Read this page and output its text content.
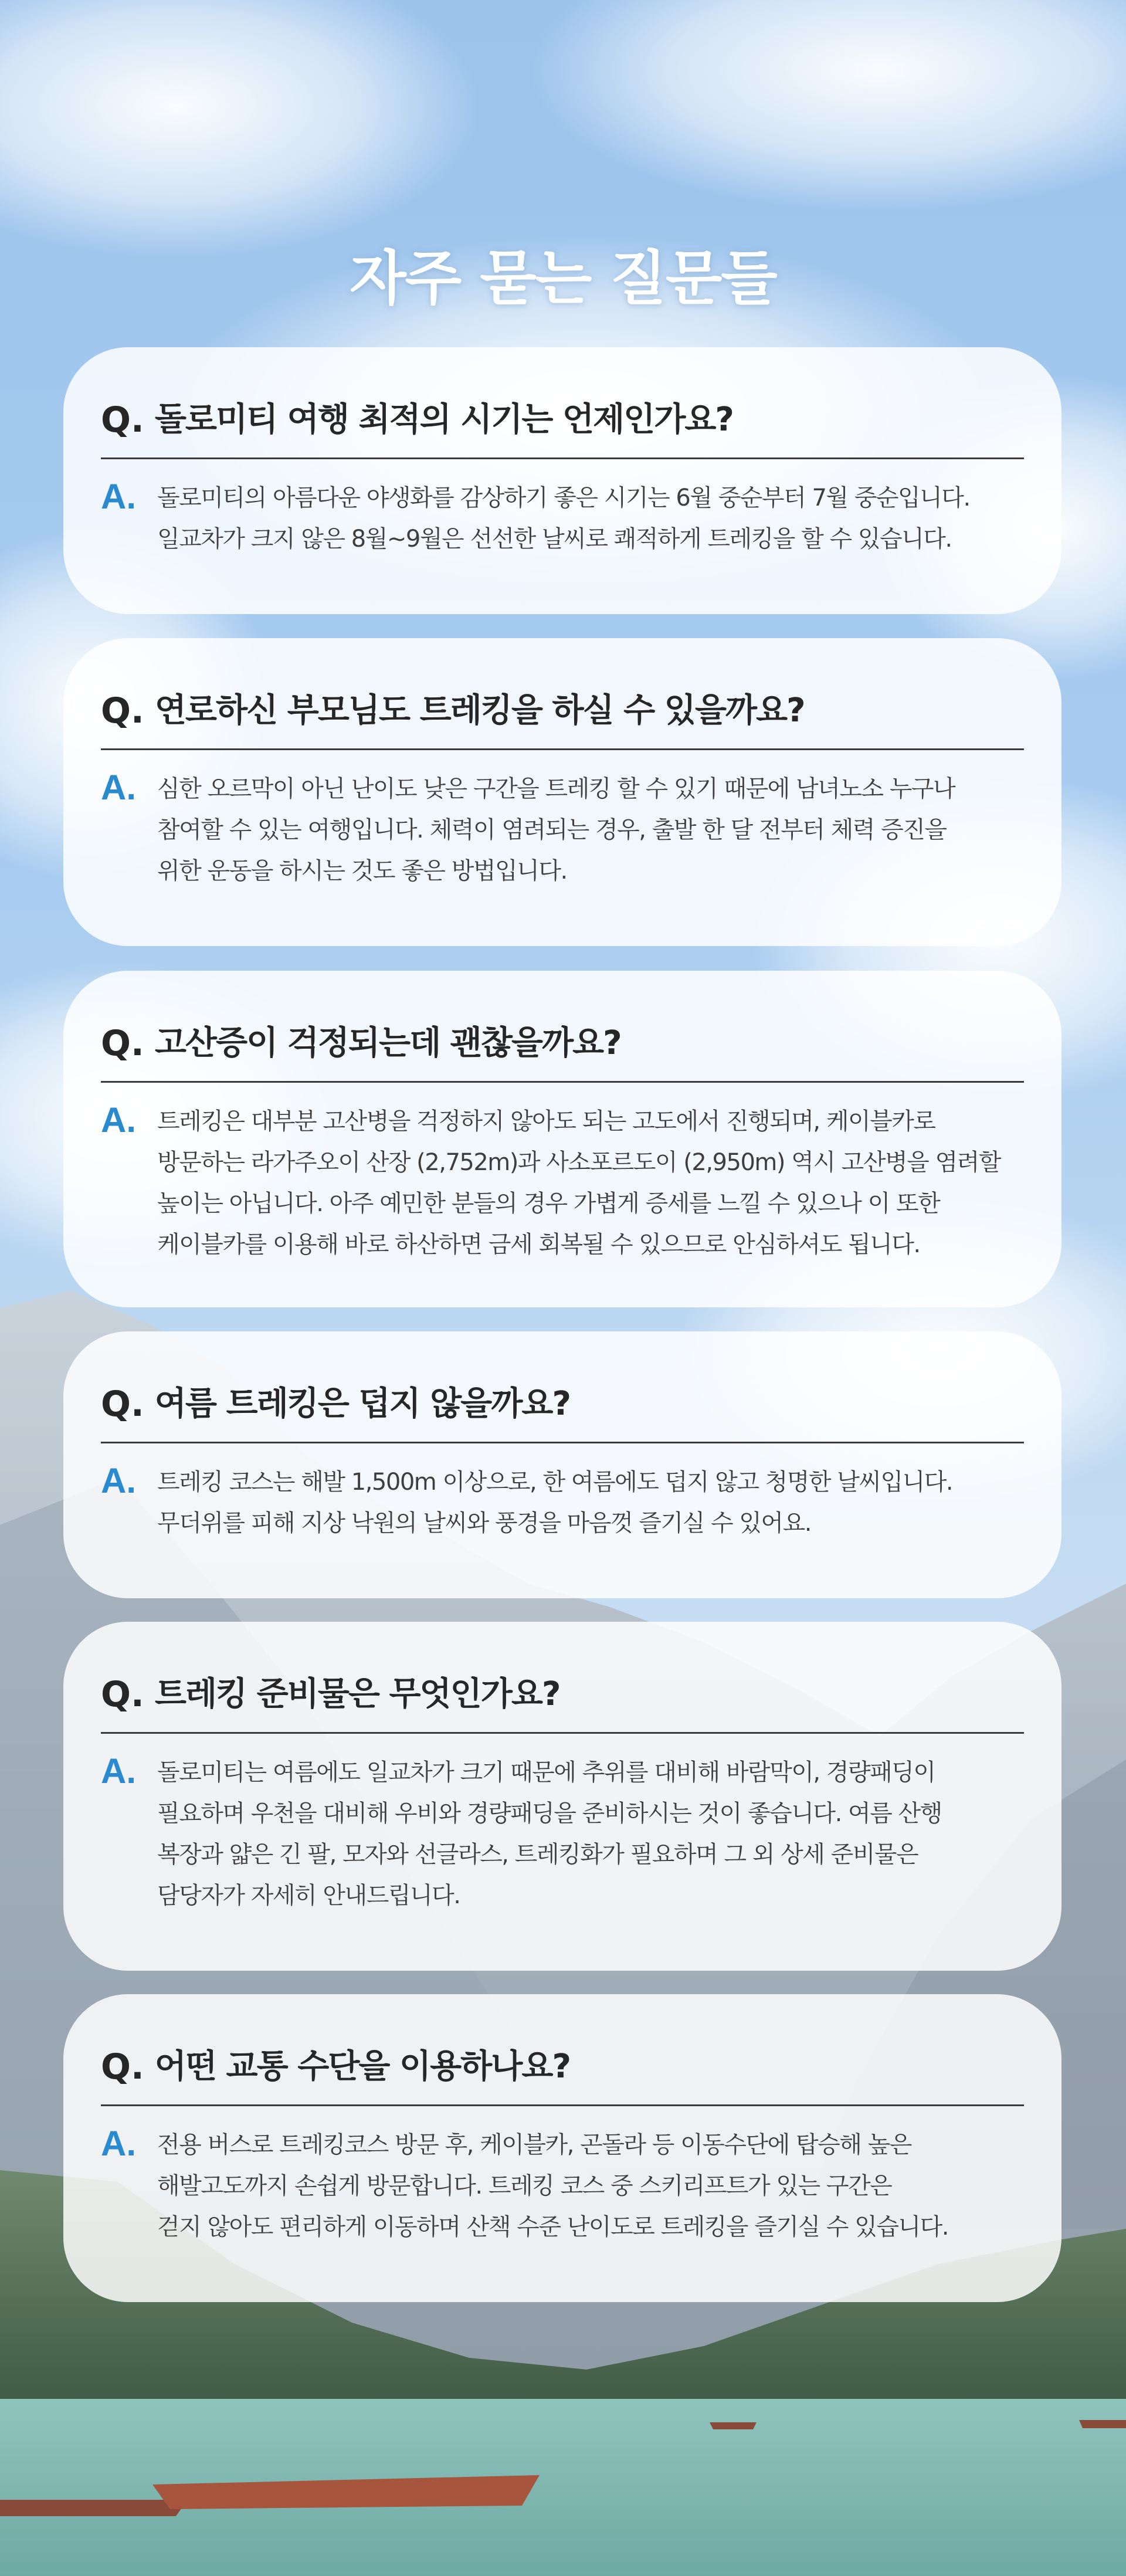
자주 묻는 질문들
Q. 돌로미티 여행 최적의 시기는 언제인가요?
A. 돌로미티의 아름다운 야생화를 감상하기 좋은 시기는 6월 중순부터 7월 중순입니다.
일교차가 크지 않은 8월~9월은 선선한 날씨로 쾌적하게 트레킹을 할 수 있습니다.
Q. 연로하신 부모님도 트레킹을 하실 수 있을까요?
A. 심한 오르막이 아닌 난이도 낮은 구간을 트레킹 할 수 있기 때문에 남녀노소 누구나
참여할 수 있는 여행입니다. 체력이 염려되는 경우, 출발 한 달 전부터 체력 증진을
위한 운동을 하시는 것도 좋은 방법입니다.
Q. 고산증이 걱정되는데 괜찮을까요?
A. 트레킹은 대부분 고산병을 걱정하지 않아도 되는 고도에서 진행되며, 케이블카로
방문하는 라가주오이 산장 (2,752m)과 사소포르도이 (2,950m) 역시 고산병을 염려할
높이는 아닙니다. 아주 예민한 분들의 경우 가볍게 증세를 느낄 수 있으나 이 또한
케이블카를 이용해 바로 하산하면 금세 회복될 수 있으므로 안심하셔도 됩니다.
Q. 여름 트레킹은 덥지 않을까요?
A. 트레킹 코스는 해발 1,500m 이상으로, 한 여름에도 덥지 않고 청명한 날씨입니다.
무더위를 피해 지상 낙원의 날씨와 풍경을 마음껏 즐기실 수 있어요.
Q. 트레킹 준비물은 무엇인가요?
A. 돌로미티는 여름에도 일교차가 크기 때문에 추위를 대비해 바람막이, 경량패딩이
필요하며 우천을 대비해 우비와 경량패딩을 준비하시는 것이 좋습니다. 여름 산행
복장과 얇은 긴 팔, 모자와 선글라스, 트레킹화가 필요하며 그 외 상세 준비물은
담당자가 자세히 안내드립니다.
Q. 어떤 교통 수단을 이용하나요?
A. 전용 버스로 트레킹코스 방문 후, 케이블카, 곤돌라 등 이동수단에 탑승해 높은
해발고도까지 손쉽게 방문합니다. 트레킹 코스 중 스키리프트가 있는 구간은
걷지 않아도 편리하게 이동하며 산책 수준 난이도로 트레킹을 즐기실 수 있습니다.
